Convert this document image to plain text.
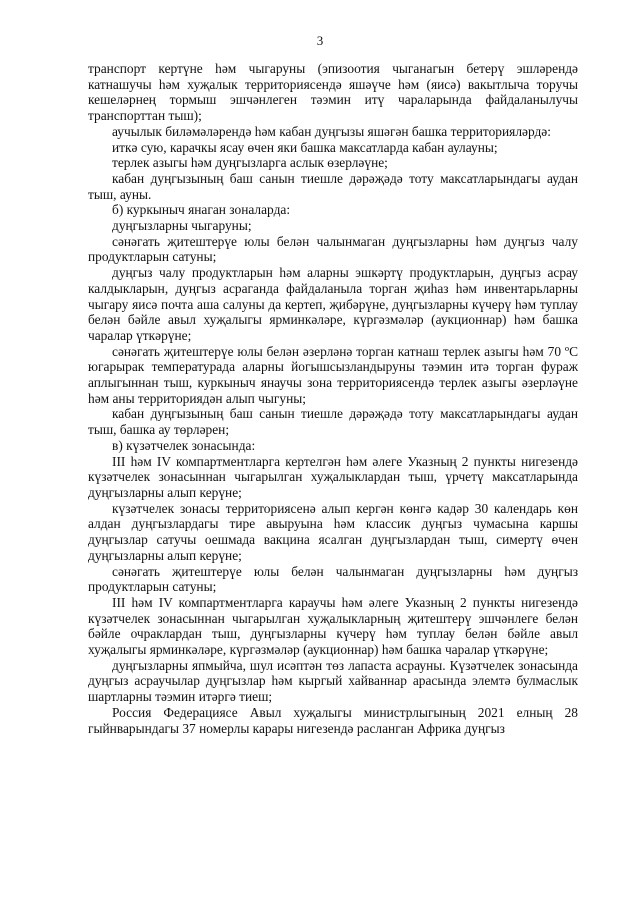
3

транспорт кертүне һәм чыгаруны (эпизоотия чыганагын бетерү эшләрендә катнашучы һәм хуҗалык территориясендә яшәүче һәм (яисә) вакытлыча торучы кешеләрнең тормыш эшчәнлеген тәэмин итү чараларында файдаланылучы транспорттан тыш);

аучылык биләмәләрендә һәм кабан дуңгызы яшәгән башка территорияләрдә:

иткә сую, карачкы ясау өчен яки башка максатларда кабан аулауны;

терлек азыгы һәм дуңгызларга аслык өзерләүне;

кабан дуңгызының баш санын тиешле дәрәҗәдә тоту максатларындагы аудан тыш, ауны.

б) куркыныч янаган зоналарда:

дуңгызларны чыгаруны;

сәнәгать җитештерүе юлы белән чалынмаган дуңгызларны һәм дуңгыз чалу продуктларын сатуны;

дуңгыз чалу продуктларын һәм аларны эшкәртү продуктларын, дуңгыз асрау калдыкларын, дуңгыз асраганда файдаланыла торган җиһаз һәм инвентарьларны чыгару яисә почта аша салуны да кертеп, җибәрүне, дуңгызларны күчерү һәм туплау белән бәйле авыл хуҗалыгы ярминкәләре, күргәзмәләр (аукционнар) һәм башка чаралар үткәрүне;

сәнәгать җитештерүе юлы белән әзерләнә торган катнаш терлек азыгы һәм 70 ºС югарырак температурада аларны йогышсызландыруны тәэмин итә торган фураж аплыгыннан тыш, куркыныч янаучы зона территориясендә терлек азыгы әзерләүне һәм аны территориядән алып чыгуны;

кабан дуңгызының баш санын тиешле дәрәҗәдә тоту максатларындагы аудан тыш, башка ау төрләрен;

в) күзәтчелек зонасында:

III һәм IV компартментларга кертелгән һәм әлеге Указның 2 пункты нигезендә күзәтчелек зонасыннан чыгарылган хуҗалыклардан тыш, үрчетү максатларында дуңгызларны алып керүне;

күзәтчелек зонасы территориясенә алып кергән көнгә кадәр 30 календарь көн алдан дуңгызлардагы тире авыруына һәм классик дуңгыз чумасына каршы дуңгызлар сатучы оешмада вакцина ясалган дуңгызлардан тыш, симертү өчен дуңгызларны алып керүне;

сәнәгать җитештерүе юлы белән чалынмаган дуңгызларны һәм дуңгыз продуктларын сатуны;

III һәм IV компартментларга караучы һәм әлеге Указның 2 пункты нигезендә күзәтчелек зонасыннан чыгарылган хуҗалыкларның җитештерү эшчәнлеге белән бәйле очраклардан тыш, дуңгызларны күчерү һәм туплау белән бәйле авыл хуҗалыгы ярминкәләре, күргәзмәләр (аукционнар) һәм башка чаралар үткәрүне;

дуңгызларны япмыйча, шул исәптән төз лапаста асрауны. Күзәтчелек зонасында дуңгыз асраучылар дуңгызлар һәм кыргый хайваннар арасында элемтә булмаслык шартларны тәэмин итәргә тиеш;

Россия Федерациясе Авыл хуҗалыгы министрлыгының 2021 елның 28 гыйнварындагы 37 номерлы карары нигезендә расланган Африка дуңгыз
